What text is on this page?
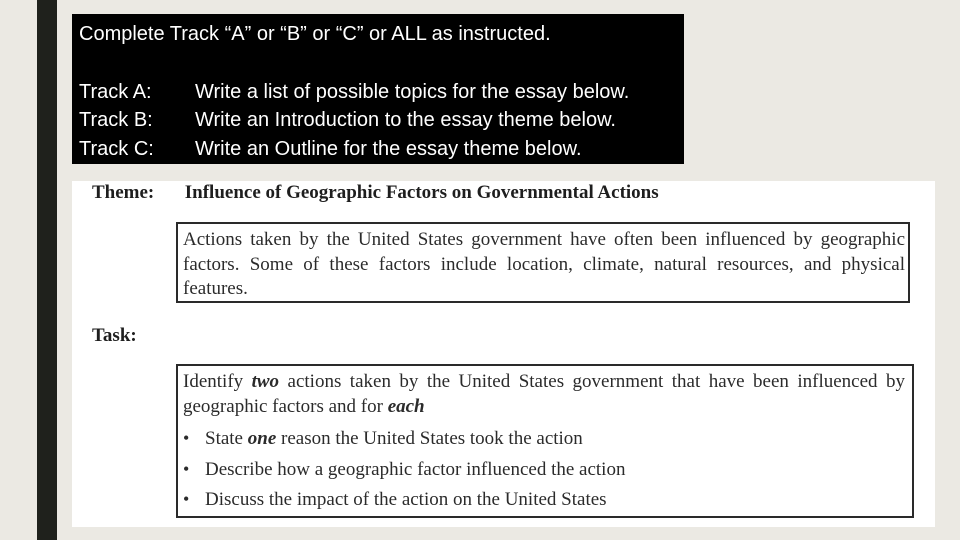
Complete Track “A” or “B” or “C” or ALL as instructed.
Track A:	Write a list of possible topics for the essay below.
Track B:	Write an Introduction to the essay theme below.
Track C:	Write an Outline for the essay theme below.
Theme: Influence of Geographic Factors on Governmental Actions
Actions taken by the United States government have often been influenced by geographic factors. Some of these factors include location, climate, natural resources, and physical features.
Task:
Identify two actions taken by the United States government that have been influenced by geographic factors and for each
• State one reason the United States took the action
• Describe how a geographic factor influenced the action
• Discuss the impact of the action on the United States
